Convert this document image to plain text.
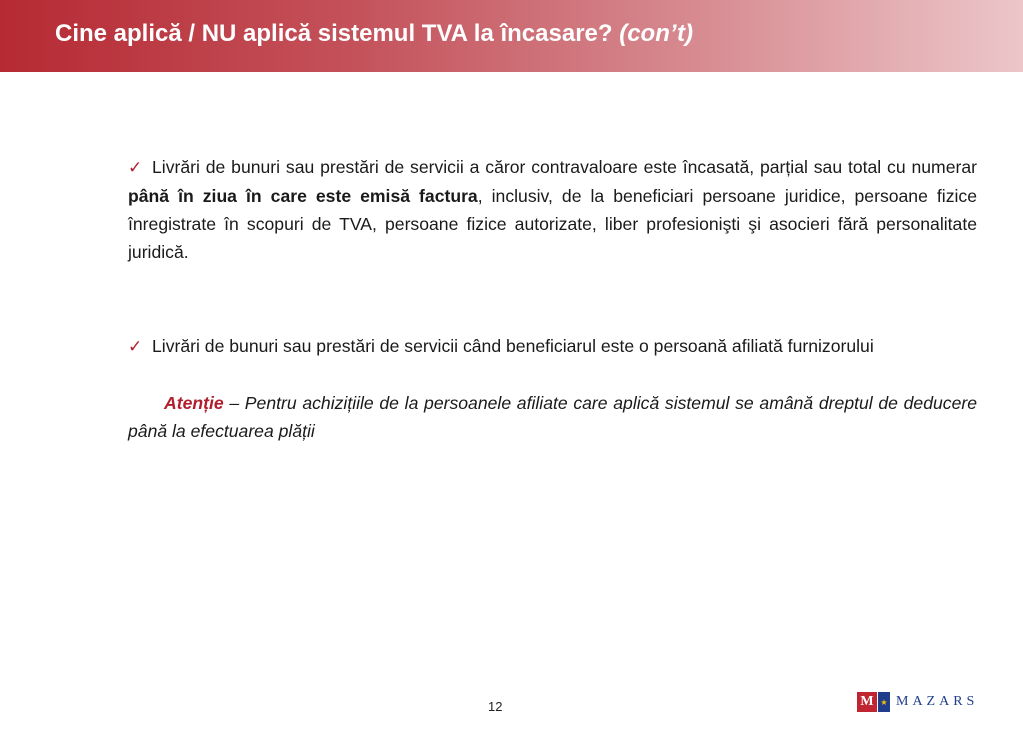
Cine aplică / NU aplică sistemul TVA la încasare? (con’t)

✓ Livrări de bunuri sau prestări de servicii a căror contravaloare este încasată, parțial sau total cu numerar până în ziua în care este emisă factura, inclusiv, de la beneficiari persoane juridice, persoane fizice înregistrate în scopuri de TVA, persoane fizice autorizate, liber profesionişti şi asocieri fără personalitate juridică.

✓ Livrări de bunuri sau prestări de servicii când beneficiarul este o persoană afiliată furnizorului

Atenție – Pentru achizițiile de la persoanele afiliate care aplică sistemul se amână dreptul de deducere până la efectuarea plății

12	M ★ MAZARS
